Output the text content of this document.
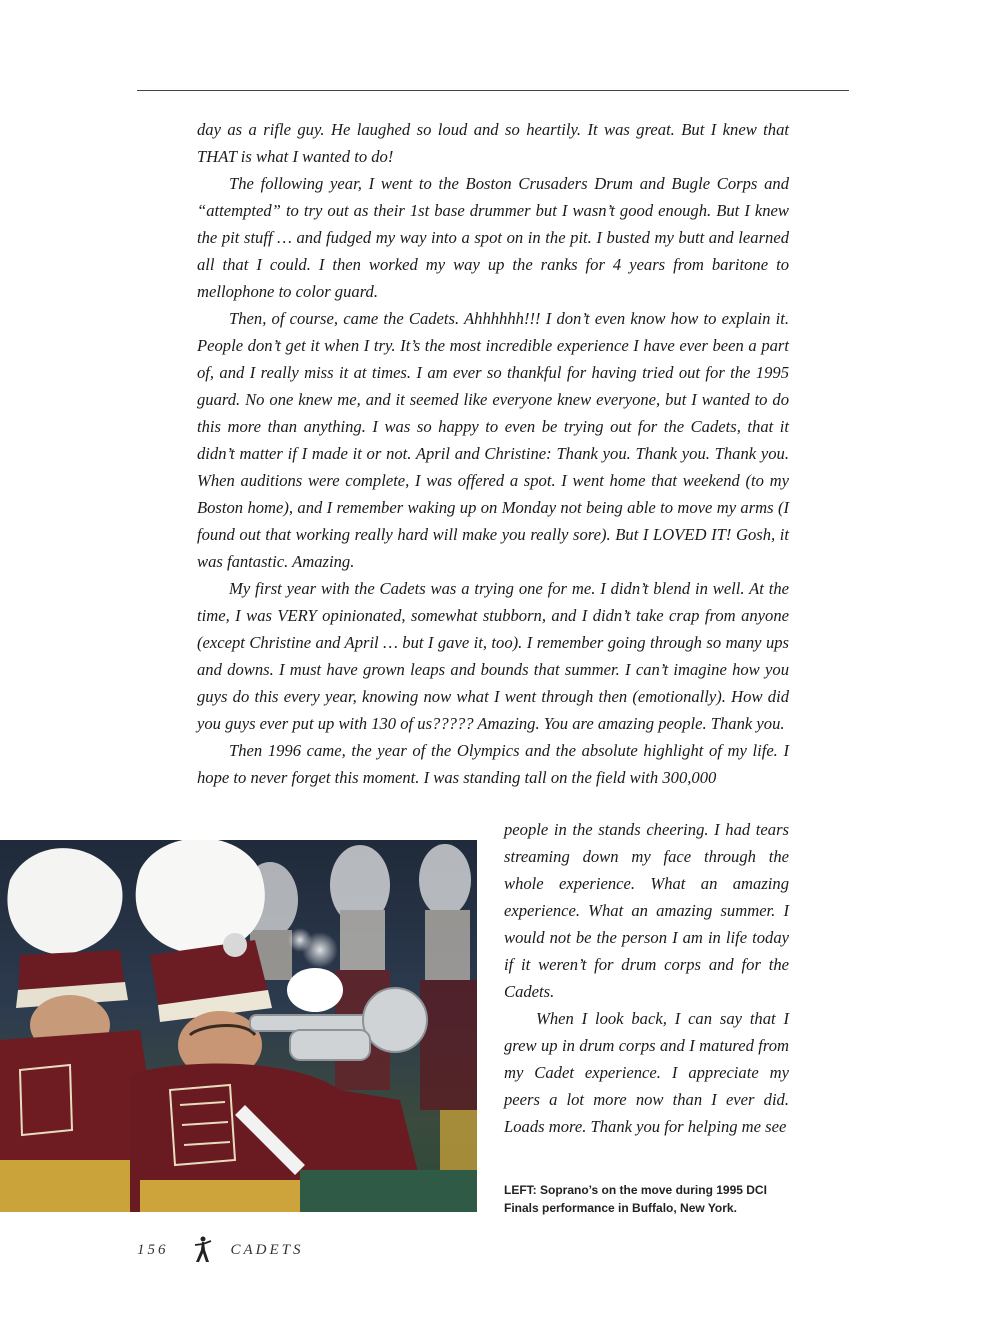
day as a rifle guy. He laughed so loud and so heartily. It was great. But I knew that THAT is what I wanted to do!

The following year, I went to the Boston Crusaders Drum and Bugle Corps and “attempted” to try out as their 1st base drummer but I wasn’t good enough. But I knew the pit stuff … and fudged my way into a spot on in the pit. I busted my butt and learned all that I could. I then worked my way up the ranks for 4 years from baritone to mellophone to color guard.

Then, of course, came the Cadets. Ahhhhhh!!! I don’t even know how to explain it. People don’t get it when I try. It’s the most incredible experience I have ever been a part of, and I really miss it at times. I am ever so thankful for having tried out for the 1995 guard. No one knew me, and it seemed like everyone knew everyone, but I wanted to do this more than anything. I was so happy to even be trying out for the Cadets, that it didn’t matter if I made it or not. April and Christine: Thank you. Thank you. Thank you. When auditions were complete, I was offered a spot. I went home that weekend (to my Boston home), and I remember waking up on Monday not being able to move my arms (I found out that working really hard will make you really sore). But I LOVED IT! Gosh, it was fantastic. Amazing.

My first year with the Cadets was a trying one for me. I didn’t blend in well. At the time, I was VERY opinionated, somewhat stubborn, and I didn’t take crap from anyone (except Christine and April … but I gave it, too). I remember going through so many ups and downs. I must have grown leaps and bounds that summer. I can’t imagine how you guys do this every year, knowing now what I went through then (emotionally). How did you guys ever put up with 130 of us????? Amazing. You are amazing people. Thank you.

Then 1996 came, the year of the Olympics and the absolute highlight of my life. I hope to never forget this moment. I was standing tall on the field with 300,000

people in the stands cheering. I had tears streaming down my face through the whole experience. What an amazing experience. What an amazing summer. I would not be the person I am in life today if it weren’t for drum corps and for the Cadets.

When I look back, I can say that I grew up in drum corps and I matured from my Cadet experience. I appreciate my peers a lot more now than I ever did. Loads more. Thank you for helping me see

LEFT: Soprano’s on the move during 1995 DCI Finals performance in Buffalo, New York.
156	CADETS
